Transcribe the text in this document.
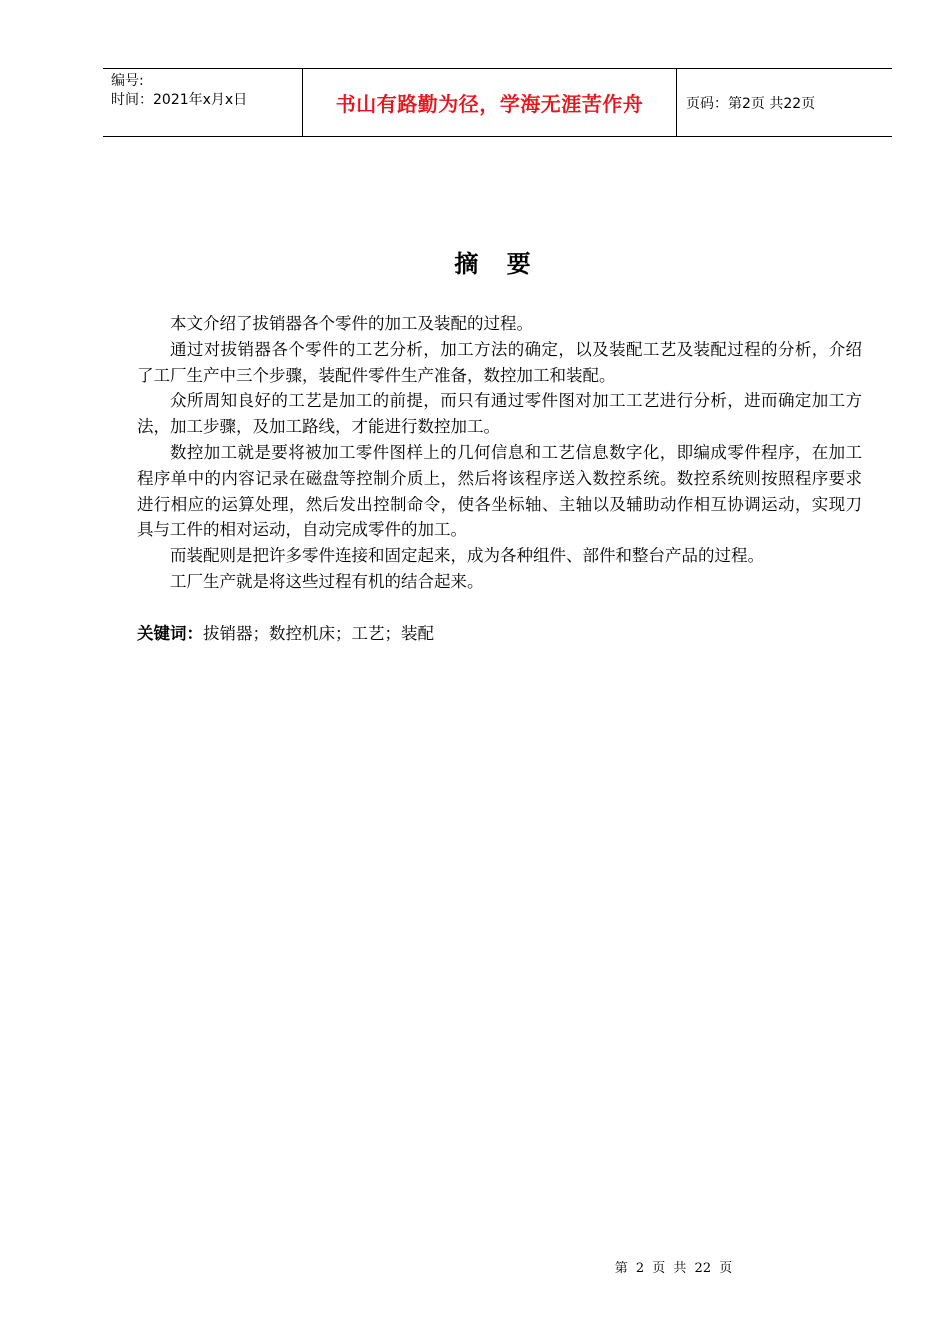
编号:
时间：2021年x月x日	书山有路勤为径，学海无涯苦作舟	页码：第2页 共22页
摘 要

本文介绍了拔销器各个零件的加工及装配的过程。

通过对拔销器各个零件的工艺分析，加工方法的确定，以及装配工艺及装配过程的分析，介绍了工厂生产中三个步骤，装配件零件生产准备，数控加工和装配。

众所周知良好的工艺是加工的前提，而只有通过零件图对加工工艺进行分析，进而确定加工方法，加工步骤，及加工路线，才能进行数控加工。

数控加工就是要将被加工零件图样上的几何信息和工艺信息数字化，即编成零件程序，在加工程序单中的内容记录在磁盘等控制介质上，然后将该程序送入数控系统。数控系统则按照程序要求进行相应的运算处理，然后发出控制命令，使各坐标轴、主轴以及辅助动作相互协调运动，实现刀具与工件的相对运动，自动完成零件的加工。

而装配则是把许多零件连接和固定起来，成为各种组件、部件和整台产品的过程。

工厂生产就是将这些过程有机的结合起来。

关键词：拔销器；数控机床；工艺；装配
第 2 页 共 22 页
